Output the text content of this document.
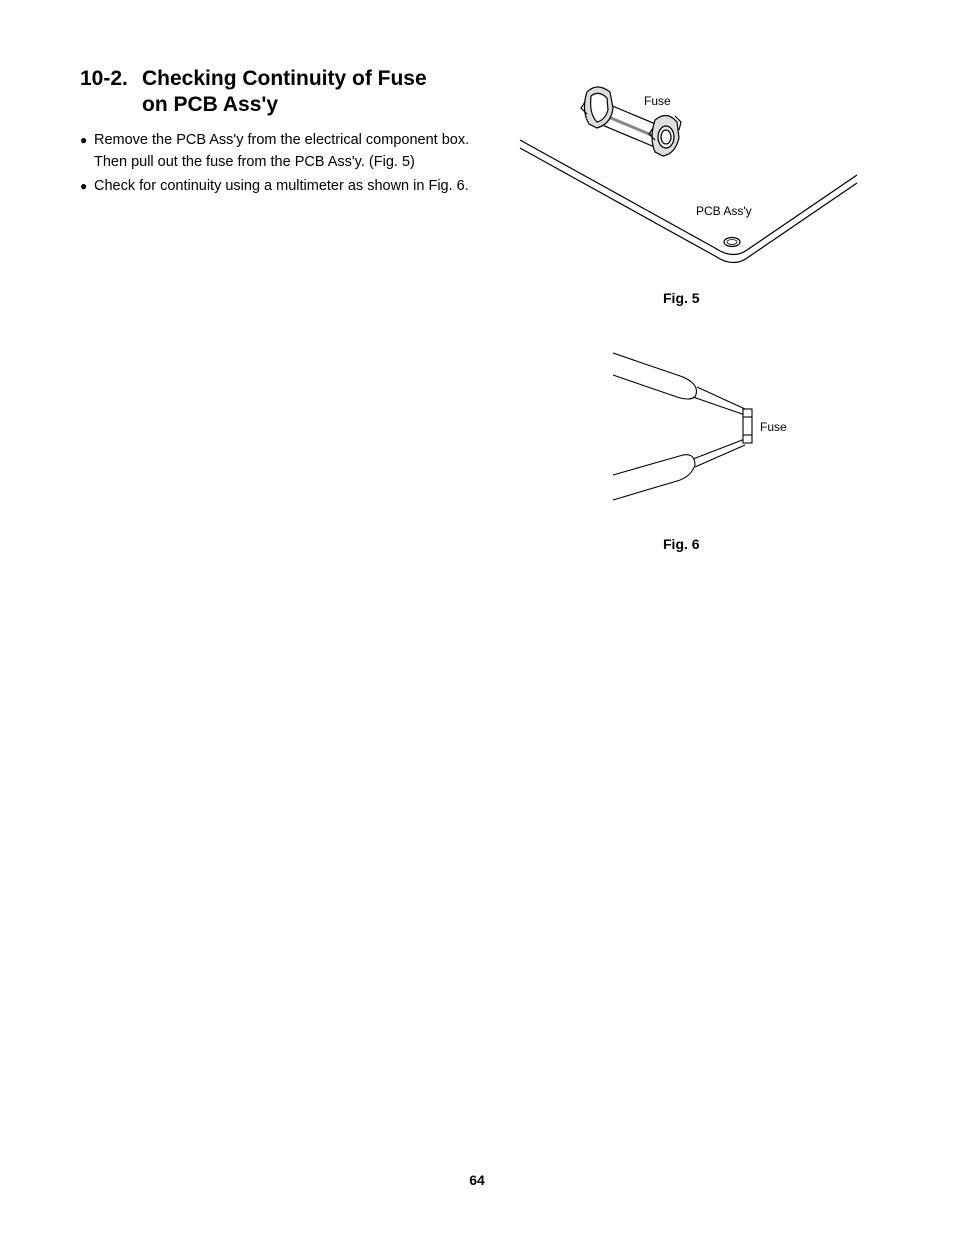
10-2. Checking Continuity of Fuse
on PCB Ass'y
● Remove the PCB Ass'y from the electrical component box. Then pull out the fuse from the PCB Ass'y. (Fig. 5)
● Check for continuity using a multimeter as shown in Fig. 6.
Fuse
PCB Ass'y
Fig. 5
Fuse
Fig. 6
64
